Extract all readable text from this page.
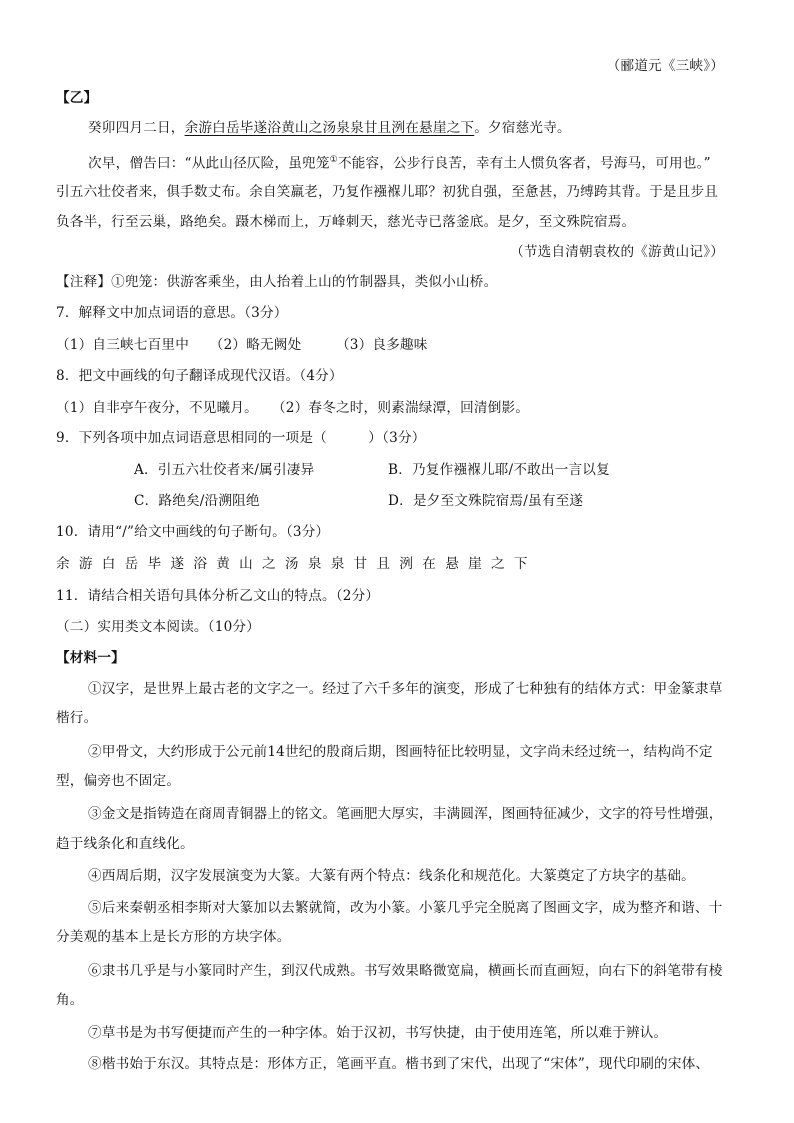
（郦道元《三峡》）
【乙】
癸卯四月二日，余游白岳毕遂浴黄山之汤泉泉甘且洌在悬崖之下。夕宿慈光寺。
次早，僧告曰：“从此山径仄险，虽兜笼①不能容，公步行良苦，幸有土人惯负客者，号海马，可用也。”
引五六壮佼者来，俱手数丈布。余自笑羸老，乃复作襁褓儿耶？初犹自强，至惫甚，乃缚跨其背。于是且步且
负各半，行至云巢，路绝矣。蹑木梯而上，万峰刺天，慈光寺已落釜底。是夕，至文殊院宿焉。
（节选自清朝袁枚的《游黄山记》）
【注释】①兜笼：供游客乘坐，由人抬着上山的竹制器具，类似小山桥。
7．解释文中加点词语的意思。（3分）
（1）自三峡七百里中　　（2）略无阙处　　　（3）良多趣味
8．把文中画线的句子翻译成现代汉语。（4分）
（1）自非亭午夜分，不见曦月。　　（2）春冬之时，则素湍绿潭，回清倒影。
9．下列各项中加点词语意思相同的一项是（　　　）（3分）
A．引五六壮佼者来/属引凄异	B．乃复作襁褓儿耶/不敢出一言以复
C．路绝矣/沿溯阻绝	D．是夕至文殊院宿焉/虽有至遂
10．请用“/”给文中画线的句子断句。（3分）
余游白岳毕遂浴黄山之汤泉泉甘且洌在悬崖之下
11．请结合相关语句具体分析乙文山的特点。（2分）
（二）实用类文本阅读。（10分）
【材料一】
①汉字，是世界上最古老的文字之一。经过了六千多年的演变，形成了七种独有的结体方式：甲金篆隶草
楷行。
②甲骨文，大约形成于公元前14世纪的殷商后期，图画特征比较明显，文字尚未经过统一，结构尚不定
型，偏旁也不固定。
③金文是指铸造在商周青铜器上的铭文。笔画肥大厚实，丰满圆浑，图画特征减少，文字的符号性增强，
趋于线条化和直线化。
④西周后期，汉字发展演变为大篆。大篆有两个特点：线条化和规范化。大篆奠定了方块字的基础。
⑤后来秦朝丞相李斯对大篆加以去繁就简，改为小篆。小篆几乎完全脱离了图画文字，成为整齐和谐、十
分美观的基本上是长方形的方块字体。
⑥隶书几乎是与小篆同时产生，到汉代成熟。书写效果略微宽扁，横画长而直画短，向右下的斜笔带有棱
角。
⑦草书是为书写便捷而产生的一种字体。始于汉初，书写快捷，由于使用连笔，所以难于辨认。
⑧楷书始于东汉。其特点是：形体方正，笔画平直。楷书到了宋代，出现了“宋体”，现代印刷的宋体、
